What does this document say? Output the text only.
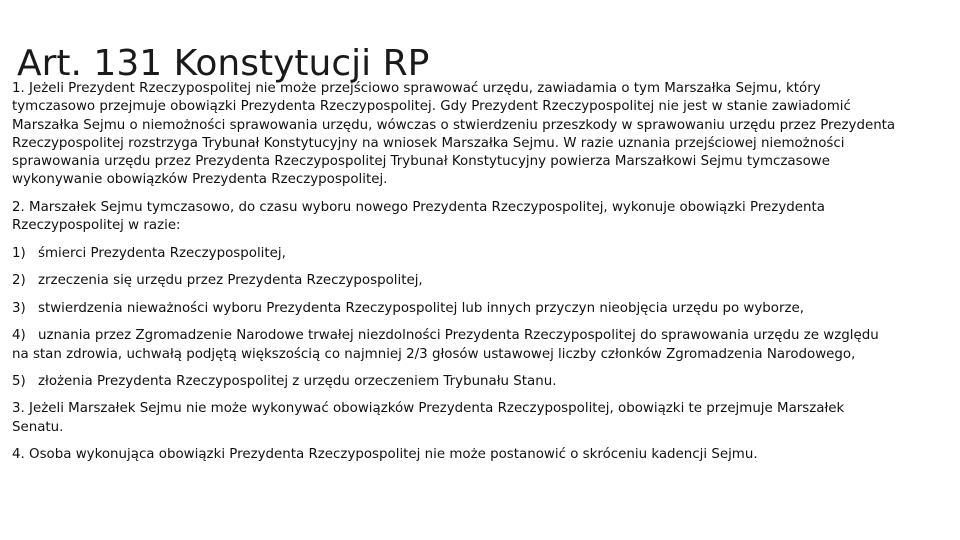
Art. 131 Konstytucji RP

1. Jeżeli Prezydent Rzeczypospolitej nie może przejściowo sprawować urzędu, zawiadamia o tym Marszałka Sejmu, który tymczasowo przejmuje obowiązki Prezydenta Rzeczypospolitej. Gdy Prezydent Rzeczypospolitej nie jest w stanie zawiadomić Marszałka Sejmu o niemożności sprawowania urzędu, wówczas o stwierdzeniu przeszkody w sprawowaniu urzędu przez Prezydenta Rzeczypospolitej rozstrzyga Trybunał Konstytucyjny na wniosek Marszałka Sejmu. W razie uznania przejściowej niemożności sprawowania urzędu przez Prezydenta Rzeczypospolitej Trybunał Konstytucyjny powierza Marszałkowi Sejmu tymczasowe wykonywanie obowiązków Prezydenta Rzeczypospolitej.

2. Marszałek Sejmu tymczasowo, do czasu wyboru nowego Prezydenta Rzeczypospolitej, wykonuje obowiązki Prezydenta Rzeczypospolitej w razie:

1) śmierci Prezydenta Rzeczypospolitej,

2) zrzeczenia się urzędu przez Prezydenta Rzeczypospolitej,

3) stwierdzenia nieważności wyboru Prezydenta Rzeczypospolitej lub innych przyczyn nieobjęcia urzędu po wyborze,

4) uznania przez Zgromadzenie Narodowe trwałej niezdolności Prezydenta Rzeczypospolitej do sprawowania urzędu ze względu na stan zdrowia, uchwałą podjętą większością co najmniej 2/3 głosów ustawowej liczby członków Zgromadzenia Narodowego,

5) złożenia Prezydenta Rzeczypospolitej z urzędu orzeczeniem Trybunału Stanu.

3. Jeżeli Marszałek Sejmu nie może wykonywać obowiązków Prezydenta Rzeczypospolitej, obowiązki te przejmuje Marszałek Senatu.

4. Osoba wykonująca obowiązki Prezydenta Rzeczypospolitej nie może postanowić o skróceniu kadencji Sejmu.
